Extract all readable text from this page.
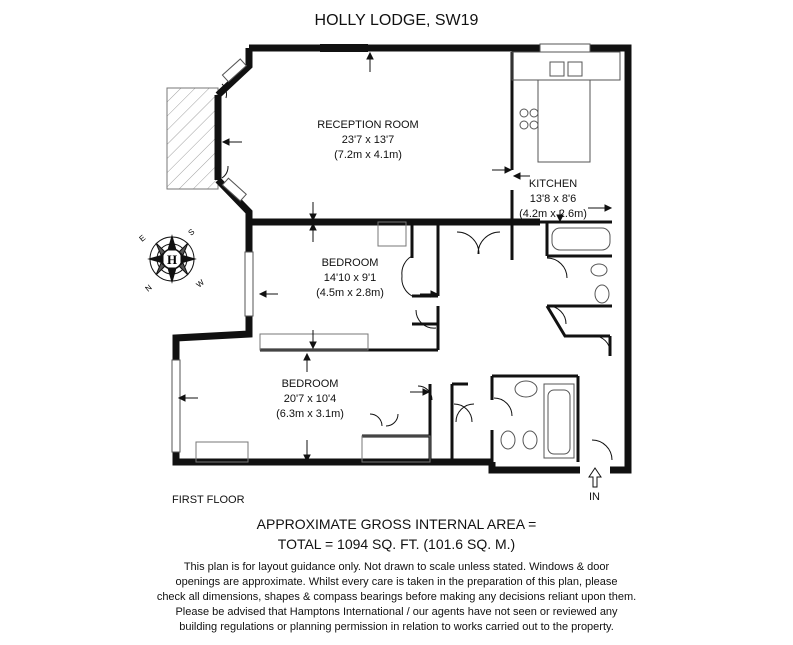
HOLLY LODGE, SW19
H
N
E
S
W
RECEPTION ROOM
23'7 x 13'7
(7.2m x 4.1m)
KITCHEN
13'8 x 8'6
(4.2m x 2.6m)
BEDROOM
14'10 x 9'1
(4.5m x 2.8m)
BEDROOM
20'7 x 10'4
(6.3m x 3.1m)
FIRST FLOOR	IN
APPROXIMATE GROSS INTERNAL AREA =
TOTAL = 1094 SQ. FT. (101.6 SQ. M.)
This plan is for layout guidance only. Not drawn to scale unless stated. Windows & door
openings are approximate. Whilst every care is taken in the preparation of this plan, please
check all dimensions, shapes & compass bearings before making any decisions reliant upon them.
Please be advised that Hamptons International / our agents have not seen or reviewed any
building regulations or planning permission in relation to works carried out to the property.
